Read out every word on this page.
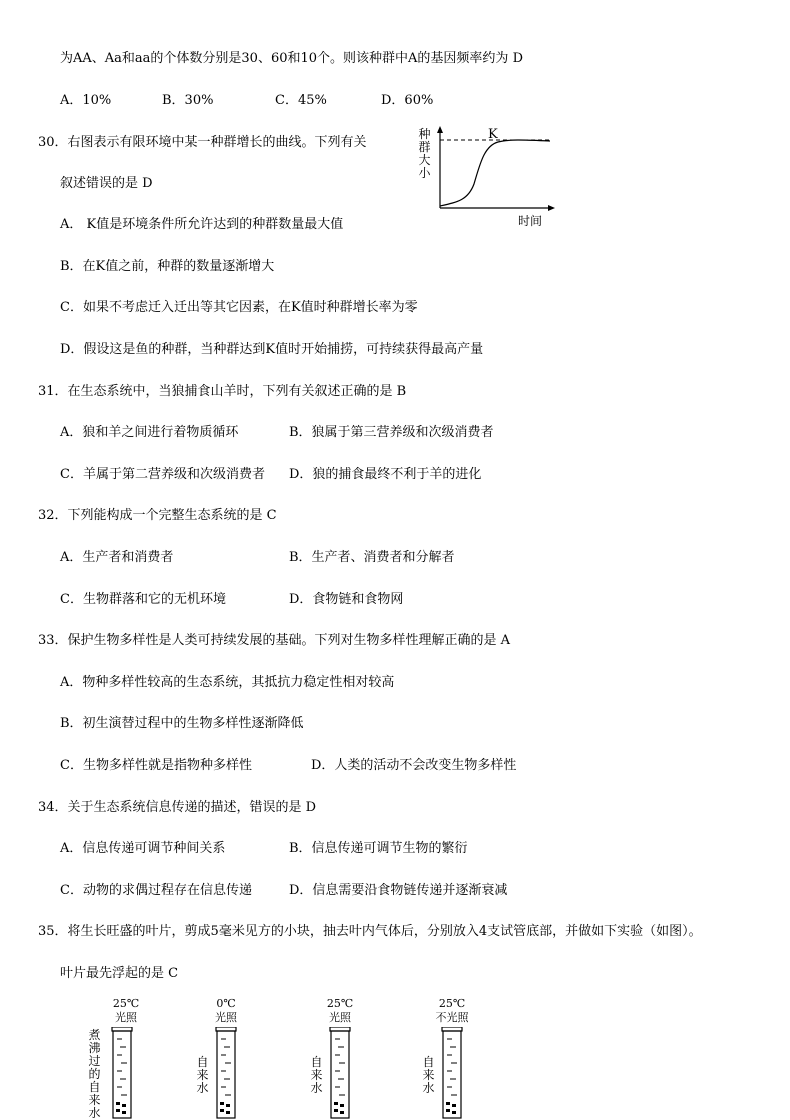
为AA、Aa和aa的个体数分别是30、60和10个。则该种群中A的基因频率约为 D
A．10%	B．30%	C．45%	D．60%
30．右图表示有限环境中某一种群增长的曲线。下列有关
叙述错误的是 D
A． K值是环境条件所允许达到的种群数量最大值
B．在K值之前，种群的数量逐渐增大
C．如果不考虑迁入迁出等其它因素，在K值时种群增长率为零
D．假设这是鱼的种群，当种群达到K值时开始捕捞，可持续获得最高产量
种
群
大
小
K
时间
31．在生态系统中，当狼捕食山羊时，下列有关叙述正确的是 B
A．狼和羊之间进行着物质循环	B．狼属于第三营养级和次级消费者
C．羊属于第二营养级和次级消费者 D．狼的捕食最终不利于羊的进化
32．下列能构成一个完整生态系统的是 C
A．生产者和消费者	B．生产者、消费者和分解者
C．生物群落和它的无机环境	D．食物链和食物网
33．保护生物多样性是人类可持续发展的基础。下列对生物多样性理解正确的是 A
A．物种多样性较高的生态系统，其抵抗力稳定性相对较高
B．初生演替过程中的生物多样性逐渐降低
C．生物多样性就是指物种多样性	D．人类的活动不会改变生物多样性
34．关于生态系统信息传递的描述，错误的是 D
A．信息传递可调节种间关系	B．信息传递可调节生物的繁衍
C．动物的求偶过程存在信息传递	D．信息需要沿食物链传递并逐渐衰减
35．将生长旺盛的叶片，剪成5毫米见方的小块，抽去叶内气体后，分别放入4支试管底部，并做如下实验（如图）。
叶片最先浮起的是 C
25℃
光照
煮
沸
过
的
自
来
水
0℃
光照
自
来
水
25℃
光照
自
来
水
25℃
不光照
自
来
水
